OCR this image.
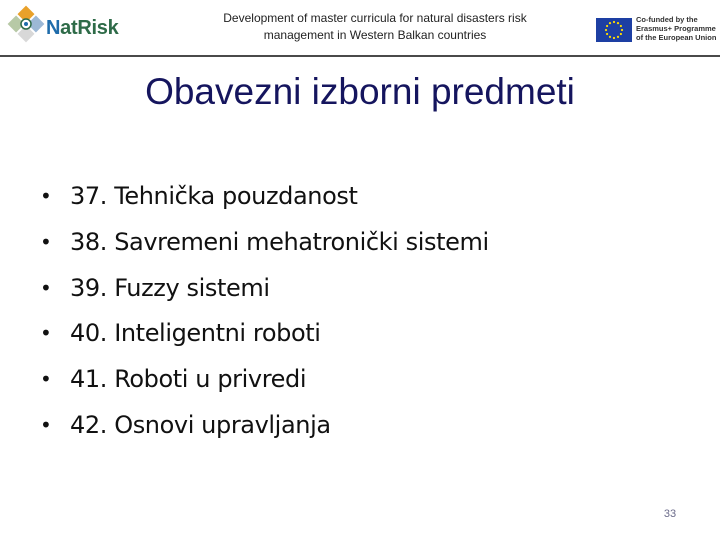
NatRisk	Development of master curricula for natural disasters risk
management in Western Balkan countries
Co-funded by the
Erasmus+ Programme
of the European Union
Obavezni izborni predmeti
• 37. Tehnička pouzdanost
• 38. Savremeni mehatronički sistemi
• 39. Fuzzy sistemi
• 40. Inteligentni roboti
• 41. Roboti u privredi
• 42. Osnovi upravljanja
33
